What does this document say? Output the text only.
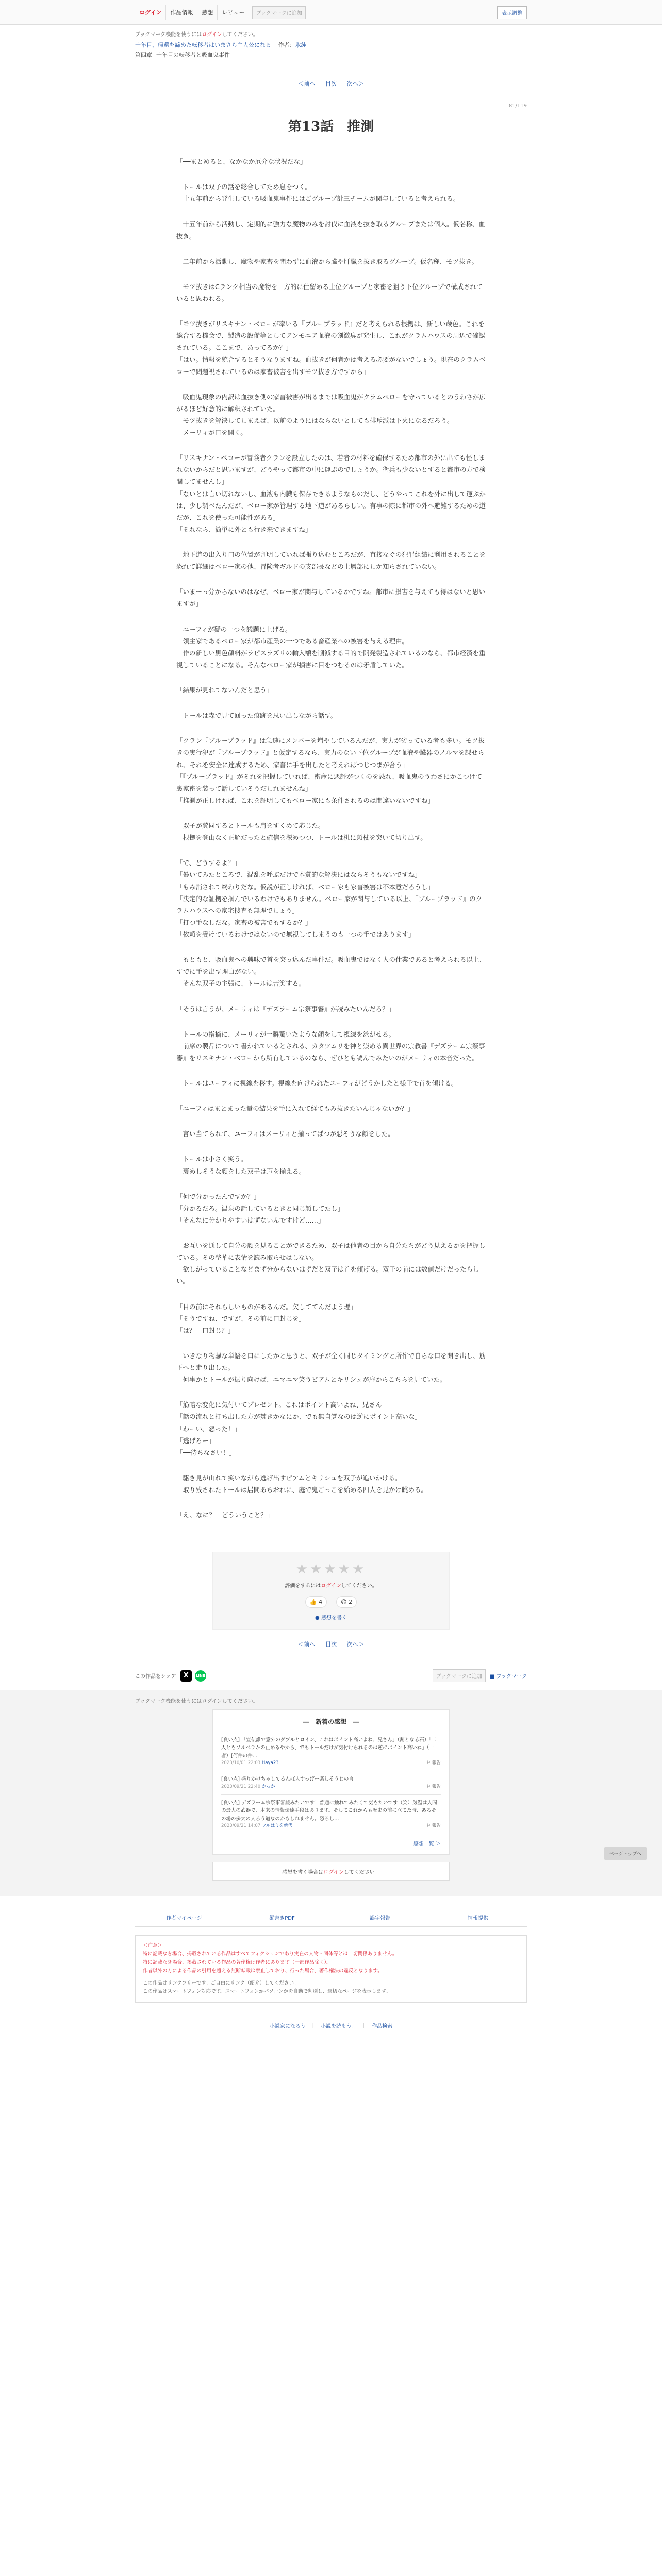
ログイン	作品情報	感想	レビュー	ブックマークに追加	表示調整
ブックマーク機能を使うにはログインしてください。
十年目、帰還を諦めた転移者はいまさら主人公になる 作者：氷純
第四章 十年目の転移者と吸血鬼事件
＜前へ 目次 次へ＞
81/119
第13話　推測

「──まとめると、なかなか厄介な状況だな」

　トールは双子の話を総合してため息をつく。
　十五年前から発生している吸血鬼事件にはごグループ計三チームが関与していると考えられる。

　十五年前から活動し、定期的に強力な魔物のみを討伐に血液を抜き取るグループまたは個人。仮名称、血抜き。

　二年前から活動し、魔物や家畜を問わずに血液から臓や肝臓を抜き取るグループ。仮名称、モツ抜き。

　モツ抜きはCランク相当の魔物を一方的に仕留める上位グループと家畜を狙う下位グループで構成されていると思われる。

「モツ抜きがリスキナン・ベローが率いる『ブループラッド』だと考えられる根拠は、新しい蔵色。これを総合する機会で、製造の設備等としてアンモニア血液の剣激臭が発生し、これがクラムハウスの周辺で確認されている。ここまで、あってるか？」
「はい。情報を統合するとそうなりますね。血抜きが何者かは考える必要がないでしょう。現在のクラムベローで問題視されているのは家畜被害を出すモツ抜き方ですから」

　吸血鬼現象の内訳は血抜き側の家畜被害が出るまでは吸血鬼がクラムベローを守っているとのうわさが広がるほど好意的に解釈されていた。
　モツ抜きを解決してしまえば、以前のようにはならないとしても排斥派は下火になるだろう。
　メーリィが口を開く。

「リスキナン・ベローが冒険者クランを設立したのは、若者の材料を確保するため都市の外に出ても怪しまれないからだと思いますが、どうやって都市の中に運ぶのでしょうか。衛兵も少ないとすると都市の方で検閲してませんし」
「ないとは言い切れないし、血液も内臓も保存できるようなものだし、どうやってこれを外に出して運ぶかは、少し調べたんだが、ベロー家が管理する地下道があるらしい。有事の際に都市の外へ避難するための道だが、これを使った可能性がある」
「それなら、簡単に外とも行き来できますね」

　地下道の出入り口の位置が判明していれば張り込むところだが、直接なぐの犯罪組織に利用されることを恐れて詳細はベロー家の他、冒険者ギルドの支部長などの上層部にしか知らされていない。

「いまーっ分からないのはなぜ、ベロー家が関与しているかですね。都市に損害を与えても得はないと思いますが」

　ユーフィが疑の一つを議題に上げる。
　領主家であるベロー家が都市産業の一つである畜産業への被害を与える理由。
　作の新しい黒色顔料がラピスラズリの輸入額を削減する目的で開発製造されているのなら、都市経済を重視していることになる。そんなベロー家が損害に目をつむるのは矛盾していた。

「結果が見れてないんだと思う」

　トールは森で見て回った痕跡を思い出しながら話す。

「クラン『ブループラッド』は急速にメンバーを増やしているんだが、実力が劣っている者も多い。モツ抜きの実行犯が『ブループラッド』と仮定するなら、実力のない下位グループが血液や臓器のノルマを課せられ、それを安全に達成するため、家畜に手を出したと考えればつじつまが合う」
「『ブループラッド』がそれを把握していれば、畜産に悪評がつくのを恐れ、吸血鬼のうわさにかこつけて裏家畜を装って話していそうだしれませんね」
「推測が正しければ、これを証明してもベロー家にも条件されるのは間違いないですね」

　双子が賛同するとトールも肩をすくめて応じた。
　根拠を登山なく正解だったと確信を深めつつ、トールは机に頬杖を突いて切り出す。

「で、どうするよ？」
「暴いてみたところで、混乱を呼ぶだけで本質的な解決にはならそうもないですね」
「もみ消されて終わりだな。仮説が正しければ、ベロー家も家畜被害は不本意だろうし」
「決定的な証拠を掴んでいるわけでもありません。ベロー家が関与している以上、『ブループラッド』のクラムハウスへの家宅捜査も無理でしょう」
「打つ手なしだな。家畜の被害でもするか？」
「依頼を受けているわけではないので無視してしまうのも一つの手ではあります」

　もともと、吸血鬼への興味で首を突っ込んだ事件だ。吸血鬼ではなく人の仕業であると考えられる以上、すでに手を出す理由がない。
　そんな双子の主張に、トールは苦笑する。

「そうは言うが、メーリィは『デズラーム宗祭事審』が読みたいんだろ？」

　トールの指摘に、メーリィが一瞬驚いたような顔をして視線を泳がせる。
　前席の製品について書かれているとされる、カタツムリを神と崇める異世界の宗教書『デズラーム宗祭事審』をリスキナン・ベローから所有しているのなら、ぜひとも読んでみたいのがメーリィの本音だった。

　トールはユーフィに視線を移す。視線を向けられたユーフィがどうかしたと様子で首を傾ける。

「ユーフィはまとまった量の結果を手に入れて経てもみ抜きたいんじゃないか？」

　言い当てられて、ユーフィはメーリィと揃ってばつが悪そうな顔をした。

　トールは小さく笑う。
　褒めしそうな顔をした双子は声を揃える。

「何で分かったんですか？」
「分かるだろ。温泉の話しているときと同じ顔してたし」
「そんなに分かりやすいはずないんですけど……」

　お互いを通して自分の顔を見ることができるため、双子は他者の目から自分たちがどう見えるかを把握している。その整華に表情を読み取らせはしない。
　欲しがっていることなどまず分からないはずだと双子は首を傾げる。双子の前には数値だけだったらしい。

「目の前にそれらしいものがあるんだ。欠しててんだよう理」
「そうですね、ですが、その前に口封じを」
「は？　口封じ？」

　いきなり物騒な単語を口にしたかと思うと、双子が全く同じタイミングと所作で自らな口を開き出し、筋下へと走り出した。
　何事かとトールが振り向けば、ニマニマ笑うピアムとキリシュが扉からこちらを見ていた。

「筋暗な変化に気付いてプレゼント。これはポイント高いよね、兄さん」
「話の流れと打ち出した方が焚きかなにか、でも無自覚なのは逆にポイント高いな」
「わーい、怒った！」
「逃げろー」
「──待ちなさい！」

　駆き見が山れて笑いながら逃げ出すピアムとキリシュを双子が追いかける。
　取り残されたトールは居間あちおれに、庭で鬼ごっこを始める四人を見かけ眺める。

「え、なに？　どういうこと？」

★★★★★
評価をするにはログインしてください。
👍 4	😊 2
● 感想を書く
＜前へ 目次 次へ＞
この作品をシェア	X	LINE	ブックマークに追加	■ ブックマーク
ブックマーク機能を使うにはログインしてください。
―　新着の感想　―
[良い点] 「宣伝誰で意外のダブルとロイン、これはポイント高いよね、兄さん」（割となる石）「二人ともソルベラかの止めるやから、でもトールだけが気付けられるのは逆にポイント高いね」（一者）[何件の件…
2023/10/01 22:03 Haya23	⚐ 報告
[良い点] 盛りかけちゃしてるんぼ人すっげー楽しそうじの言
2023/09/21 22:40 かっか	⚐ 報告
[良い点] デズラーム宗祭事審読みたいです！普通に触れてみたくて気もたいです（笑）気温は人間の最大の武器で、本来の情報伝達手段はあります。そしてこれからも歴史の前に立てた時、あるその場の多大の人ろう道なのかもしれません。恐ろし…
2023/09/21 14:07 フルはミを新代	⚐ 報告
感想一覧 ＞
感想を書く場合はログインしてください。
作者マイページ	縦書きPDF	誤字報告	情報提供
＜注意＞
特に記載なき場合、掲載されている作品はすべてフィクションであり実在の人物・団体等とは一切関係ありません。
特に記載なき場合、掲載されている作品の著作権は作者にあります（一部作品除く）。
作者以外の方による作品の引用を超える無断転載は禁止しており、行った場合、著作権法の違反となります。
この作品はリンクフリーです。ご自由にリンク（紹介）してください。
この作品はスマートフォン対応です。スマートフォンかパソコンかを自動で判別し、適切なページを表示します。
小説家になろう ｜ 小説を読もう！ ｜ 作品検索
ページトップへ
